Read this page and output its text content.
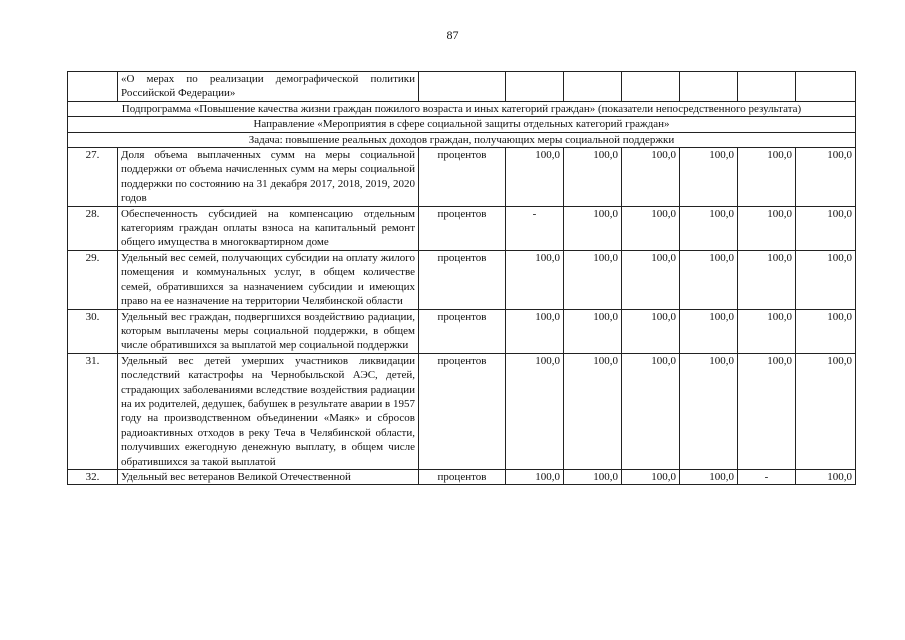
87
	«О мерах по реализации демографической политики Российской Федерации»							
Подпрограмма «Повышение качества жизни граждан пожилого возраста и иных категорий граждан» (показатели непосредственного результата)								
Направление «Мероприятия в сфере социальной защиты отдельных категорий граждан»								
Задача: повышение реальных доходов граждан, получающих меры социальной поддержки								
27.	Доля объема выплаченных сумм на меры социальной поддержки от объема начисленных сумм на меры социальной поддержки по состоянию на 31 декабря 2017, 2018, 2019, 2020 годов	процентов	100,0	100,0	100,0	100,0	100,0	100,0
28.	Обеспеченность субсидией на компенсацию отдельным категориям граждан оплаты взноса на капитальный ремонт общего имущества в многоквартирном доме	процентов	-	100,0	100,0	100,0	100,0	100,0
29.	Удельный вес семей, получающих субсидии на оплату жилого помещения и коммунальных услуг, в общем количестве семей, обратившихся за назначением субсидии и имеющих право на ее назначение на территории Челябинской области	процентов	100,0	100,0	100,0	100,0	100,0	100,0
30.	Удельный вес граждан, подвергшихся воздействию радиации, которым выплачены меры социальной поддержки, в общем числе обратившихся за выплатой мер социальной поддержки	процентов	100,0	100,0	100,0	100,0	100,0	100,0
31.	Удельный вес детей умерших участников ликвидации последствий катастрофы на Чернобыльской АЭС, детей, страдающих заболеваниями вследствие воздействия радиации на их родителей, дедушек, бабушек в результате аварии в 1957 году на производственном объединении «Маяк» и сбросов радиоактивных отходов в реку Теча в Челябинской области, получивших ежегодную денежную выплату, в общем числе обратившихся за такой выплатой	процентов	100,0	100,0	100,0	100,0	100,0	100,0
32.	Удельный вес ветеранов Великой Отечественной	процентов	100,0	100,0	100,0	100,0	-	100,0
